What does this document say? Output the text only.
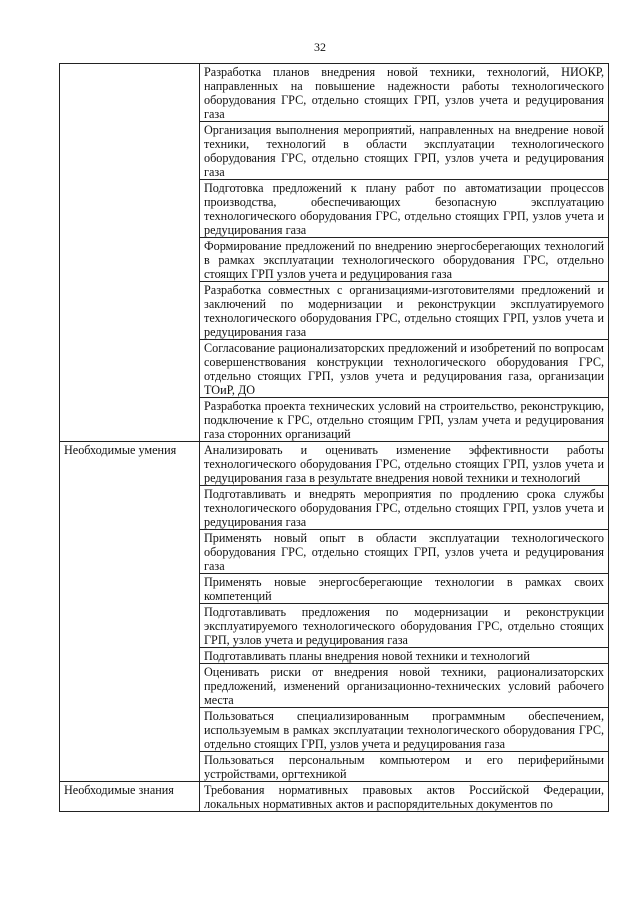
32
	Разработка планов внедрения новой техники, технологий, НИОКР, направленных на повышение надежности работы технологического оборудования ГРС, отдельно стоящих ГРП, узлов учета и редуцирования газа
	Организация выполнения мероприятий, направленных на внедрение новой техники, технологий в области эксплуатации технологического оборудования ГРС, отдельно стоящих ГРП, узлов учета и редуцирования газа
	Подготовка предложений к плану работ по автоматизации процессов производства, обеспечивающих безопасную эксплуатацию технологического оборудования ГРС, отдельно стоящих ГРП, узлов учета и редуцирования газа
	Формирование предложений по внедрению энергосберегающих технологий в рамках эксплуатации технологического оборудования ГРС, отдельно стоящих ГРП узлов учета и редуцирования газа
	Разработка совместных с организациями-изготовителями предложений и заключений по модернизации и реконструкции эксплуатируемого технологического оборудования ГРС, отдельно стоящих ГРП, узлов учета и редуцирования газа
	Согласование рационализаторских предложений и изобретений по вопросам совершенствования конструкции технологического оборудования ГРС, отдельно стоящих ГРП, узлов учета и редуцирования газа, организации ТОиР, ДО
	Разработка проекта технических условий на строительство, реконструкцию, подключение к ГРС, отдельно стоящим ГРП, узлам учета и редуцирования газа сторонних организаций
Необходимые умения	Анализировать и оценивать изменение эффективности работы технологического оборудования ГРС, отдельно стоящих ГРП, узлов учета и редуцирования газа в результате внедрения новой техники и технологий
	Подготавливать и внедрять мероприятия по продлению срока службы технологического оборудования ГРС, отдельно стоящих ГРП, узлов учета и редуцирования газа
	Применять новый опыт в области эксплуатации технологического оборудования ГРС, отдельно стоящих ГРП, узлов учета и редуцирования газа
	Применять новые энергосберегающие технологии в рамках своих компетенций
	Подготавливать предложения по модернизации и реконструкции эксплуатируемого технологического оборудования ГРС, отдельно стоящих ГРП, узлов учета и редуцирования газа
	Подготавливать планы внедрения новой техники и технологий
	Оценивать риски от внедрения новой техники, рационализаторских предложений, изменений организационно-технических условий рабочего места
	Пользоваться специализированным программным обеспечением, используемым в рамках эксплуатации технологического оборудования ГРС, отдельно стоящих ГРП, узлов учета и редуцирования газа
	Пользоваться персональным компьютером и его периферийными устройствами, оргтехникой
Необходимые знания	Требования нормативных правовых актов Российской Федерации, локальных нормативных актов и распорядительных документов по
